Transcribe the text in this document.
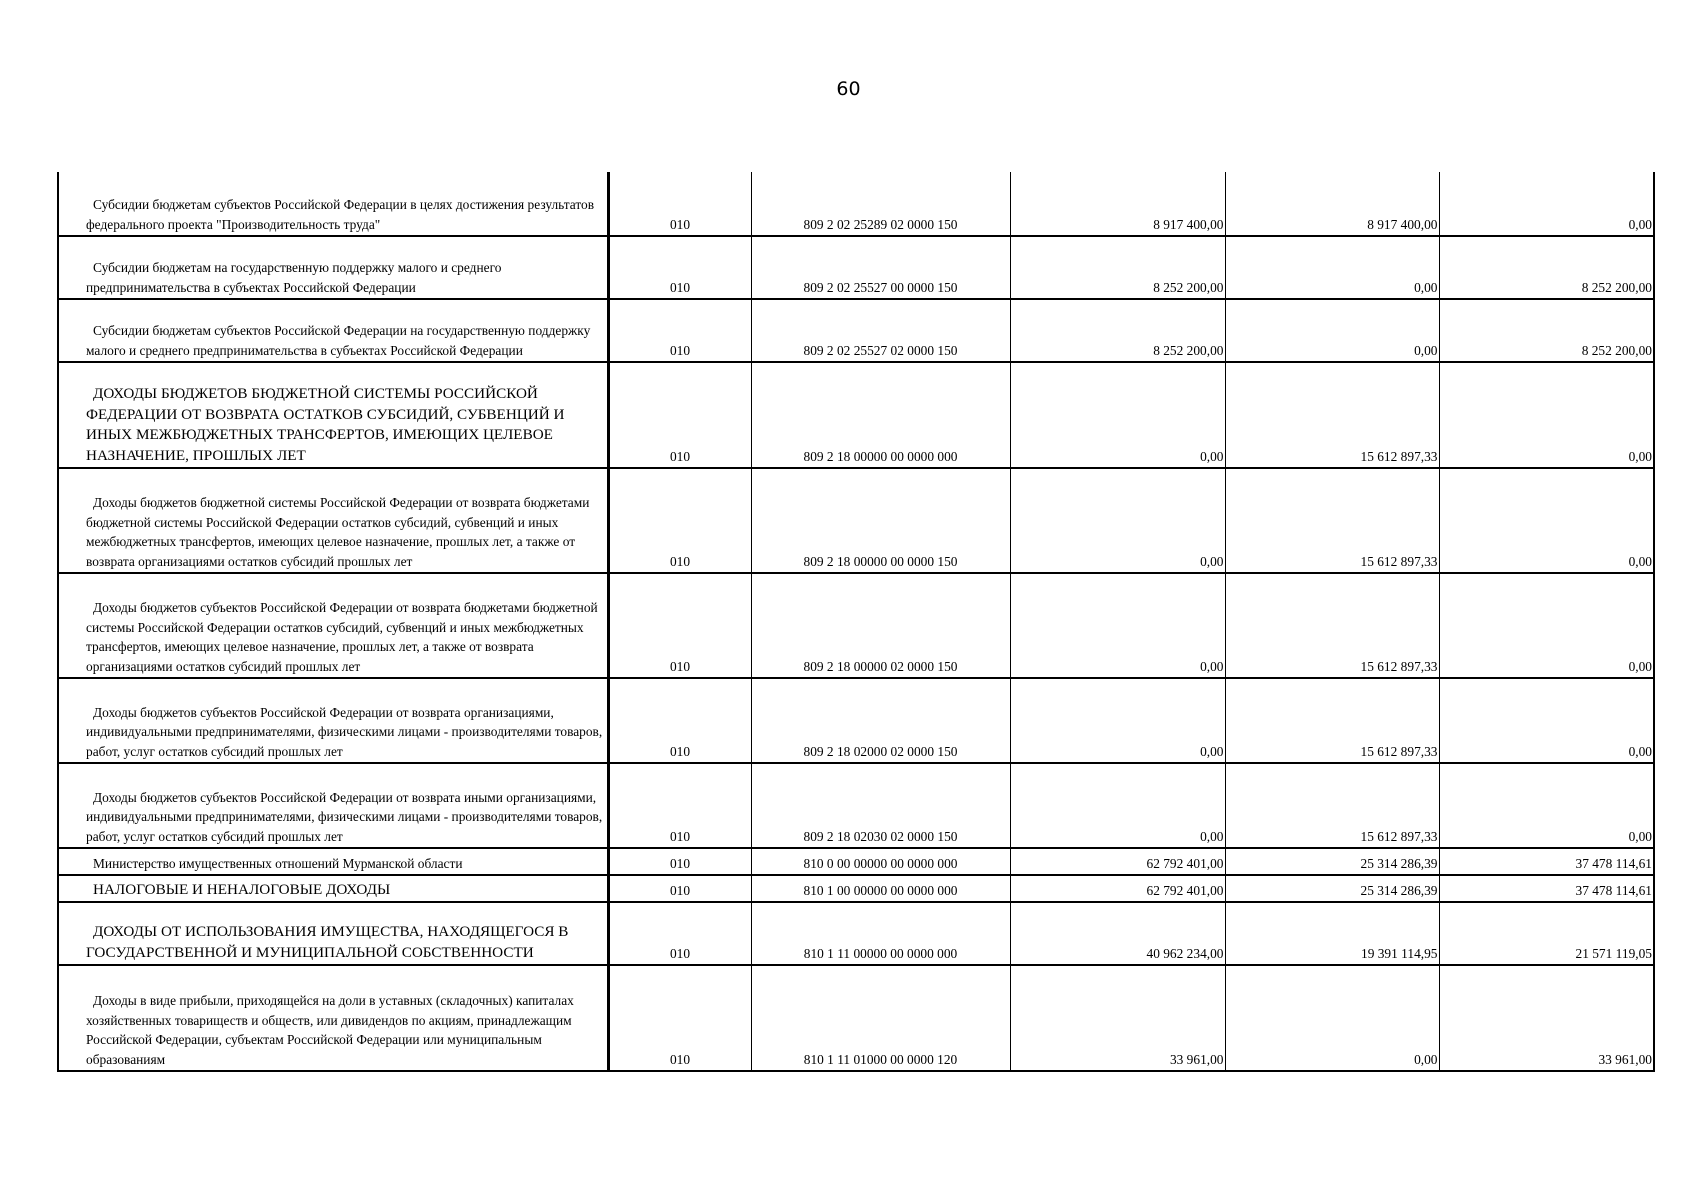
60
Субсидии бюджетам субъектов Российской Федерации в целях достижения результатов федерального проекта "Производительность труда"	010	809 2 02 25289 02 0000 150	8 917 400,00	8 917 400,00	0,00

Субсидии бюджетам на государственную поддержку малого и среднего предпринимательства в субъектах Российской Федерации	010	809 2 02 25527 00 0000 150	8 252 200,00	0,00	8 252 200,00

Субсидии бюджетам субъектов Российской Федерации на государственную поддержку малого и среднего предпринимательства в субъектах Российской Федерации	010	809 2 02 25527 02 0000 150	8 252 200,00	0,00	8 252 200,00

ДОХОДЫ БЮДЖЕТОВ БЮДЖЕТНОЙ СИСТЕМЫ РОССИЙСКОЙ ФЕДЕРАЦИИ ОТ ВОЗВРАТА ОСТАТКОВ СУБСИДИЙ, СУБВЕНЦИЙ И ИНЫХ МЕЖБЮДЖЕТНЫХ ТРАНСФЕРТОВ, ИМЕЮЩИХ ЦЕЛЕВОЕ НАЗНАЧЕНИЕ, ПРОШЛЫХ ЛЕТ	010	809 2 18 00000 00 0000 000	0,00	15 612 897,33	0,00

Доходы бюджетов бюджетной системы Российской Федерации от возврата бюджетами бюджетной системы Российской Федерации остатков субсидий, субвенций и иных межбюджетных трансфертов, имеющих целевое назначение, прошлых лет, а также от возврата организациями остатков субсидий прошлых лет	010	809 2 18 00000 00 0000 150	0,00	15 612 897,33	0,00

Доходы бюджетов субъектов Российской Федерации от возврата бюджетами бюджетной системы Российской Федерации остатков субсидий, субвенций и иных межбюджетных трансфертов, имеющих целевое назначение, прошлых лет, а также от возврата организациями остатков субсидий прошлых лет	010	809 2 18 00000 02 0000 150	0,00	15 612 897,33	0,00

Доходы бюджетов субъектов Российской Федерации от возврата организациями, индивидуальными предпринимателями, физическими лицами - производителями товаров, работ, услуг остатков субсидий прошлых лет	010	809 2 18 02000 02 0000 150	0,00	15 612 897,33	0,00

Доходы бюджетов субъектов Российской Федерации от возврата иными организациями, индивидуальными предпринимателями, физическими лицами - производителями товаров, работ, услуг остатков субсидий прошлых лет	010	809 2 18 02030 02 0000 150	0,00	15 612 897,33	0,00

Министерство имущественных отношений Мурманской области	010	810 0 00 00000 00 0000 000	62 792 401,00	25 314 286,39	37 478 114,61

НАЛОГОВЫЕ И НЕНАЛОГОВЫЕ ДОХОДЫ	010	810 1 00 00000 00 0000 000	62 792 401,00	25 314 286,39	37 478 114,61

ДОХОДЫ ОТ ИСПОЛЬЗОВАНИЯ ИМУЩЕСТВА, НАХОДЯЩЕГОСЯ В ГОСУДАРСТВЕННОЙ И МУНИЦИПАЛЬНОЙ СОБСТВЕННОСТИ	010	810 1 11 00000 00 0000 000	40 962 234,00	19 391 114,95	21 571 119,05

Доходы в виде прибыли, приходящейся на доли в уставных (складочных) капиталах хозяйственных товариществ и обществ, или дивидендов по акциям, принадлежащим Российской Федерации, субъектам Российской Федерации или муниципальным образованиям	010	810 1 11 01000 00 0000 120	33 961,00	0,00	33 961,00
